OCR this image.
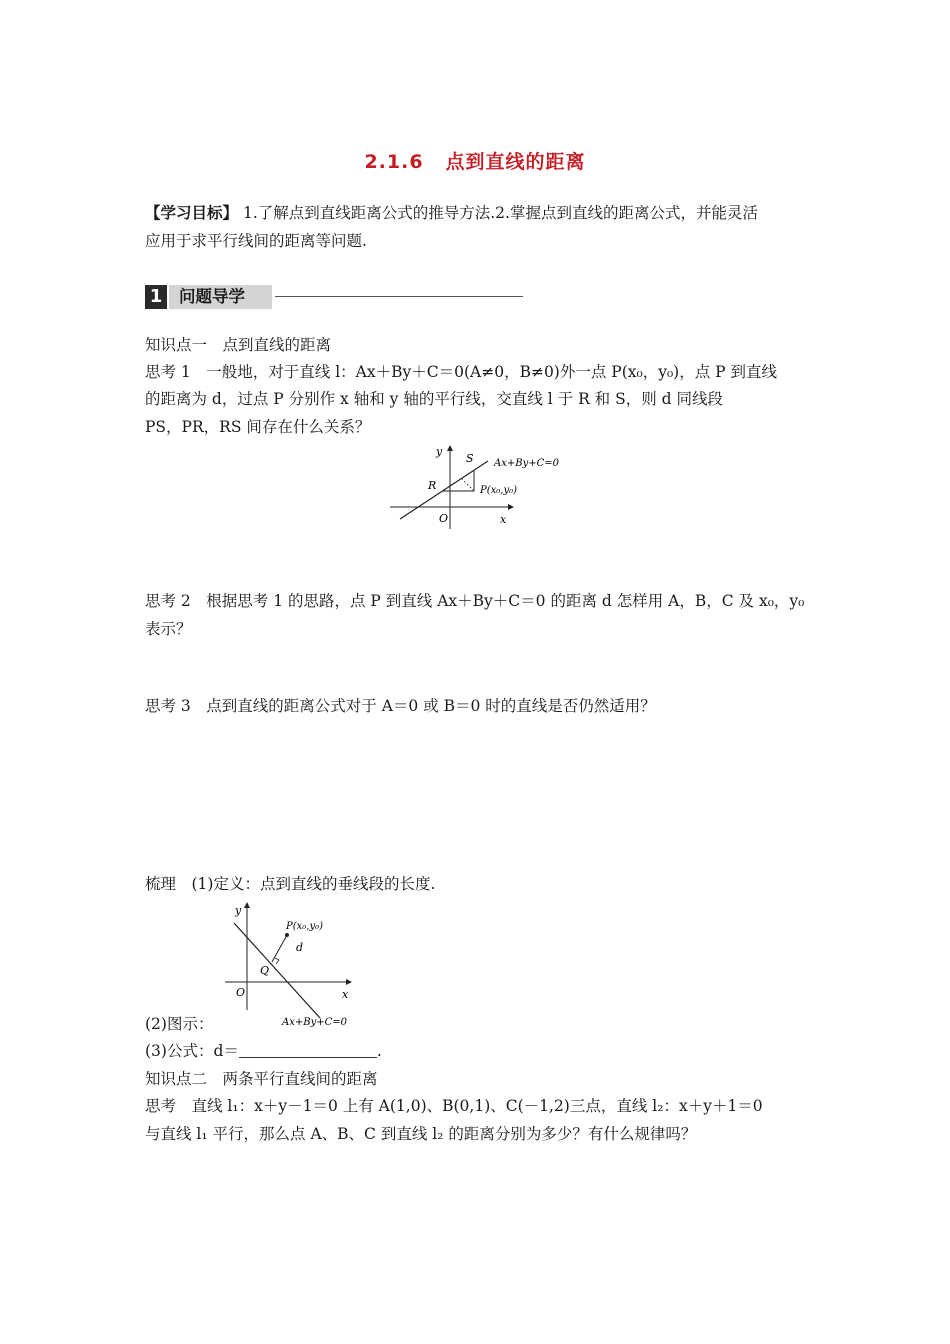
2.1.6 点到直线的距离
【学习目标】 1.了解点到直线距离公式的推导方法.2.掌握点到直线的距离公式，并能灵活
应用于求平行线间的距离等问题.
1 问题导学
知识点一　点到直线的距离
思考 1　一般地，对于直线 l：Ax＋By＋C＝0(A≠0，B≠0)外一点 P(x₀，y₀)，点 P 到直线
的距离为 d，过点 P 分别作 x 轴和 y 轴的平行线，交直线 l 于 R 和 S，则 d 同线段
PS，PR，RS 间存在什么关系？
y
x
O
S
R	P(x₀,y₀)
Ax+By+C=0
思考 2　根据思考 1 的思路，点 P 到直线 Ax＋By＋C＝0 的距离 d 怎样用 A，B，C 及 x₀，y₀
表示？
思考 3　点到直线的距离公式对于 A＝0 或 B＝0 时的直线是否仍然适用？
梳理　(1)定义：点到直线的垂线段的长度.
y
x
O
P(x₀,y₀)
d
Q
Ax+By+C=0
(2)图示：
(3)公式：d＝	.
知识点二　两条平行直线间的距离
思考　直线 l₁：x＋y－1＝0 上有 A(1,0)、B(0,1)、C(－1,2)三点，直线 l₂：x＋y＋1＝0
与直线 l₁ 平行，那么点 A、B、C 到直线 l₂ 的距离分别为多少？有什么规律吗？
